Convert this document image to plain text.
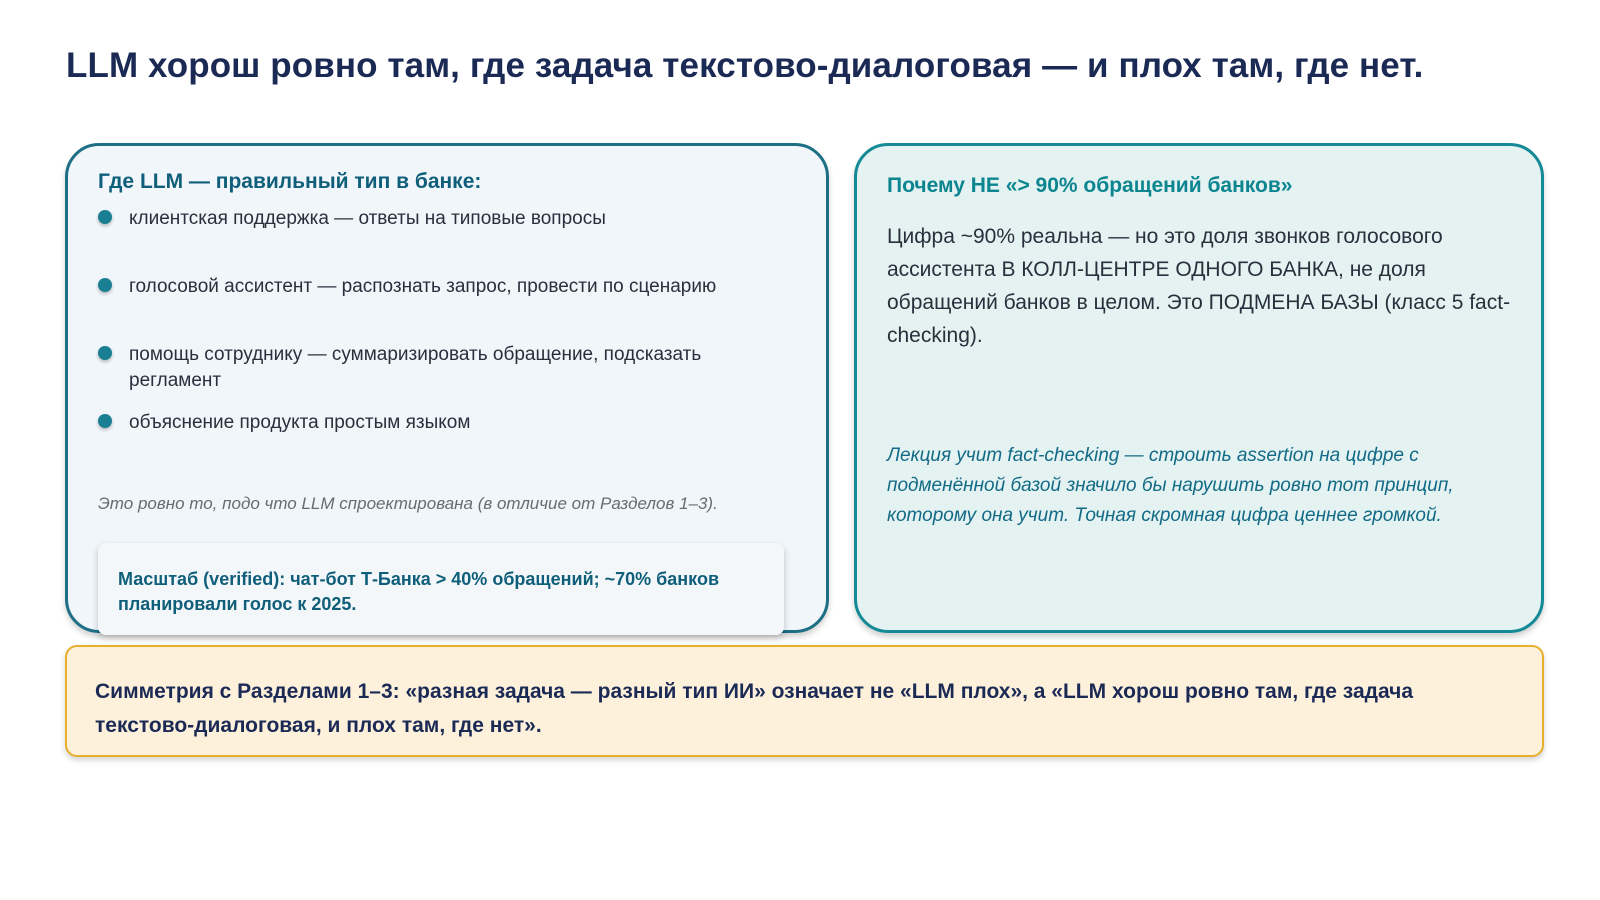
LLM хорош ровно там, где задача текстово-диалоговая — и плох там, где нет.
Где LLM — правильный тип в банке:
клиентская поддержка — ответы на типовые вопросы
голосовой ассистент — распознать запрос, провести по сценарию
помощь сотруднику — суммаризировать обращение, подсказать регламент
объяснение продукта простым языком
Это ровно то, подо что LLM спроектирована (в отличие от Разделов 1–3).
Масштаб (verified): чат-бот Т-Банка > 40% обращений; ~70% банков планировали голос к 2025.
Почему НЕ «> 90% обращений банков»
Цифра ~90% реальна — но это доля звонков голосового ассистента В КОЛЛ-ЦЕНТРЕ ОДНОГО БАНКА, не доля обращений банков в целом. Это ПОДМЕНА БАЗЫ (класс 5 fact-checking).
Лекция учит fact-checking — строить assertion на цифре с подменённой базой значило бы нарушить ровно тот принцип, которому она учит. Точная скромная цифра ценнее громкой.
Симметрия с Разделами 1–3: «разная задача — разный тип ИИ» означает не «LLM плох», а «LLM хорош ровно там, где задача текстово-диалоговая, и плох там, где нет».
